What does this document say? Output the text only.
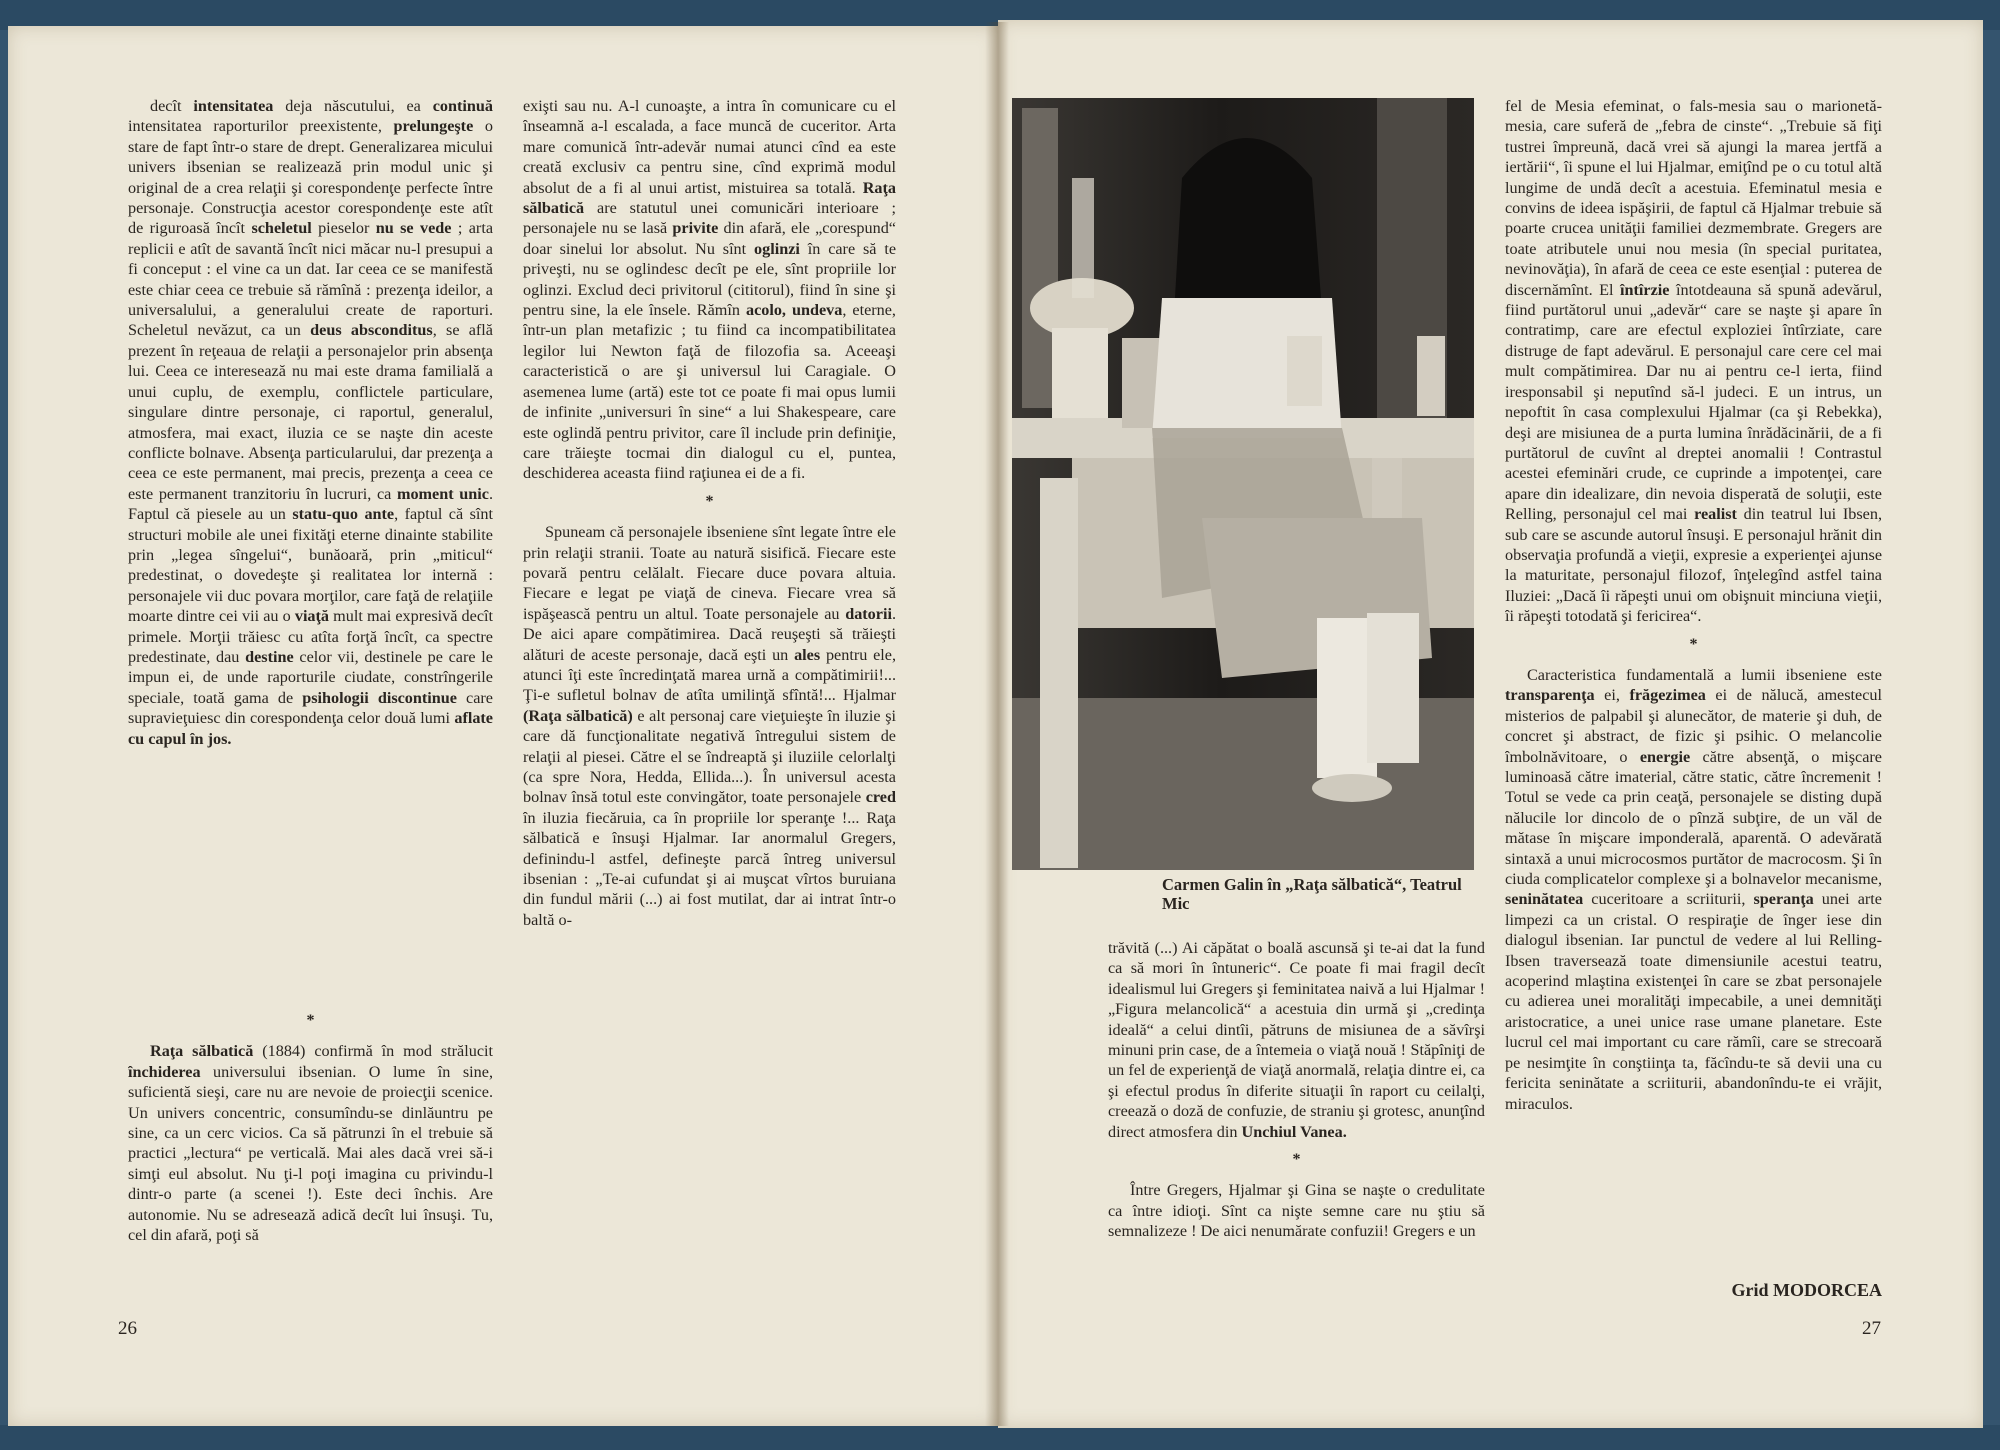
decît intensitatea deja născutului, ea continuă intensitatea raporturilor preexistente, prelungeşte o stare de fapt într-o stare de drept. Generalizarea micului univers ibsenian se realizează prin modul unic şi original de a crea relaţii şi corespondenţe perfecte între personaje. Construcţia acestor corespondenţe este atît de riguroasă încît scheletul pieselor nu se vede ; arta replicii e atît de savantă încît nici măcar nu-l presupui a fi conceput : el vine ca un dat. Iar ceea ce se manifestă este chiar ceea ce trebuie să rămînă : prezenţa ideilor, a universalului, a generalului create de raporturi. Scheletul nevăzut, ca un deus absconditus, se află prezent în reţeaua de relaţii a personajelor prin absenţa lui. Ceea ce interesează nu mai este drama familială a unui cuplu, de exemplu, conflictele particulare, singulare dintre personaje, ci raportul, generalul, atmosfera, mai exact, iluzia ce se naşte din aceste conflicte bolnave. Absenţa particularului, dar prezenţa a ceea ce este permanent, mai precis, prezenţa a ceea ce este permanent tranzitoriu în lucruri, ca moment unic. Faptul că piesele au un statu-quo ante, faptul că sînt structuri mobile ale unei fixităţi eterne dinainte stabilite prin „legea sîngelui“, bunăoară, prin „miticul“ predestinat, o dovedeşte şi realitatea lor internă : personajele vii duc povara morţilor, care faţă de relaţiile moarte dintre cei vii au o viaţă mult mai expresivă decît primele. Morţii trăiesc cu atîta forţă încît, ca spectre predestinate, dau destine celor vii, destinele pe care le impun ei, de unde raporturile ciudate, constrîngerile speciale, toată gama de psihologii discontinue care supravieţuiesc din corespondenţa celor două lumi aflate cu capul în jos.

exişti sau nu. A-l cunoaşte, a intra în comunicare cu el înseamnă a-l escalada, a face muncă de cuceritor. Arta mare comunică într-adevăr numai atunci cînd ea este creată exclusiv ca pentru sine, cînd exprimă modul absolut de a fi al unui artist, mistuirea sa totală. Raţa sălbatică are statutul unei comunicări interioare ; personajele nu se lasă privite din afară, ele „corespund“ doar sinelui lor absolut. Nu sînt oglinzi în care să te priveşti, nu se oglindesc decît pe ele, sînt propriile lor oglinzi. Exclud deci privitorul (cititorul), fiind în sine şi pentru sine, la ele însele. Rămîn acolo, undeva, eterne, într-un plan metafizic ; tu fiind ca incompatibilitatea legilor lui Newton faţă de filozofia sa. Aceeaşi caracteristică o are şi universul lui Caragiale. O asemenea lume (artă) este tot ce poate fi mai opus lumii de infinite „universuri în sine“ a lui Shakespeare, care este oglindă pentru privitor, care îl include prin definiţie, care trăieşte tocmai din dialogul cu el, puntea, deschiderea aceasta fiind raţiunea ei de a fi.

*

Spuneam că personajele ibseniene sînt legate între ele prin relaţii stranii. Toate au natură sisifică. Fiecare este povară pentru celălalt. Fiecare duce povara altuia. Fiecare e legat pe viaţă de cineva. Fiecare vrea să ispăşească pentru un altul. Toate personajele au datorii. De aici apare compătimirea. Dacă reuşeşti să trăieşti alături de aceste personaje, dacă eşti un ales pentru ele, atunci îţi este încredinţată marea urnă a compătimirii!... Ţi-e sufletul bolnav de atîta umilinţă sfîntă!... Hjalmar (Raţa sălbatică) e alt personaj care vieţuieşte în iluzie şi care dă funcţionalitate negativă întregului sistem de relaţii al piesei. Către el se îndreaptă şi iluziile celorlalţi (ca spre Nora, Hedda, Ellida...). În universul acesta bolnav însă totul este convingător, toate personajele cred în iluzia fiecăruia, ca în propriile lor speranţe !... Raţa sălbatică e însuşi Hjalmar. Iar anormalul Gregers, definindu-l astfel, defineşte parcă întreg universul ibsenian : „Te-ai cufundat şi ai muşcat vîrtos buruiana din fundul mării (...) ai fost mutilat, dar ai intrat într-o baltă o-

*

Raţa sălbatică (1884) confirmă în mod strălucit închiderea universului ibsenian. O lume în sine, suficientă sieşi, care nu are nevoie de proiecţii scenice. Un univers concentric, consumîndu-se dinlăuntru pe sine, ca un cerc vicios. Ca să pătrunzi în el trebuie să practici „lectura“ pe verticală. Mai ales dacă vrei să-i simţi eul absolut. Nu ţi-l poţi imagina cu privindu-l dintr-o parte (a scenei !). Este deci închis. Are autonomie. Nu se adresează adică decît lui însuşi. Tu, cel din afară, poţi să

26
Carmen Galin în „Raţa sălbatică“, Teatrul Mic

trăvită (...) Ai căpătat o boală ascunsă şi te-ai dat la fund ca să mori în întuneric“. Ce poate fi mai fragil decît idealismul lui Gregers şi feminitatea naivă a lui Hjalmar ! „Figura melancolică“ a acestuia din urmă şi „credinţa ideală“ a celui dintîi, pătruns de misiunea de a săvîrşi minuni prin case, de a întemeia o viaţă nouă ! Stăpîniţi de un fel de experienţă de viaţă anormală, relaţia dintre ei, ca şi efectul produs în diferite situaţii în raport cu ceilalţi, creează o doză de confuzie, de straniu şi grotesc, anunţînd direct atmosfera din Unchiul Vanea.

*

Între Gregers, Hjalmar şi Gina se naşte o credulitate ca între idioţi. Sînt ca nişte semne care nu ştiu să semnalizeze ! De aici nenumărate confuzii! Gregers e un

fel de Mesia efeminat, o fals-mesia sau o marionetă-mesia, care suferă de „febra de cinste“. „Trebuie să fiţi tustrei împreună, dacă vrei să ajungi la marea jertfă a iertării“, îi spune el lui Hjalmar, emiţînd pe o cu totul altă lungime de undă decît a acestuia. Efeminatul mesia e convins de ideea ispăşirii, de faptul că Hjalmar trebuie să poarte crucea unităţii familiei dezmembrate. Gregers are toate atributele unui nou mesia (în special puritatea, nevinovăţia), în afară de ceea ce este esenţial : puterea de discernămînt. El întîrzie întotdeauna să spună adevărul, fiind purtătorul unui „adevăr“ care se naşte şi apare în contratimp, care are efectul exploziei întîrziate, care distruge de fapt adevărul. E personajul care cere cel mai mult compătimirea. Dar nu ai pentru ce-l ierta, fiind iresponsabil şi neputînd să-l judeci. E un intrus, un nepoftit în casa complexului Hjalmar (ca şi Rebekka), deşi are misiunea de a purta lumina înrădăcinării, de a fi purtătorul de cuvînt al dreptei anomalii ! Contrastul acestei efeminări crude, ce cuprinde a impotenţei, care apare din idealizare, din nevoia disperată de soluţii, este Relling, personajul cel mai realist din teatrul lui Ibsen, sub care se ascunde autorul însuşi. E personajul hrănit din observaţia profundă a vieţii, expresie a experienţei ajunse la maturitate, personajul filozof, înţelegînd astfel taina Iluziei: „Dacă îi răpeşti unui om obişnuit minciuna vieţii, îi răpeşti totodată şi fericirea“.

*

Caracteristica fundamentală a lumii ibseniene este transparenţa ei, frăgezimea ei de nălucă, amestecul misterios de palpabil şi alunecător, de materie şi duh, de concret şi abstract, de fizic şi psihic. O melancolie îmbolnăvitoare, o energie către absenţă, o mişcare luminoasă către imaterial, către static, către încremenit ! Totul se vede ca prin ceaţă, personajele se disting după nălucile lor dincolo de o pînză subţire, de un văl de mătase în mişcare imponderală, aparentă. O adevărată sintaxă a unui microcosmos purtător de macrocosm. Şi în ciuda complicatelor complexe şi a bolnavelor mecanisme, seninătatea cuceritoare a scriiturii, speranţa unei arte limpezi ca un cristal. O respiraţie de înger iese din dialogul ibsenian. Iar punctul de vedere al lui Relling-Ibsen traversează toate dimensiunile acestui teatru, acoperind mlaştina existenţei în care se zbat personajele cu adierea unei moralităţi impecabile, a unei demnităţi aristocratice, a unei unice rase umane planetare. Este lucrul cel mai important cu care rămîi, care se strecoară pe nesimţite în conştiinţa ta, făcîndu-te să devii una cu fericita seninătate a scriiturii, abandonîndu-te ei vrăjit, miraculos.

Grid MODORCEA
27
